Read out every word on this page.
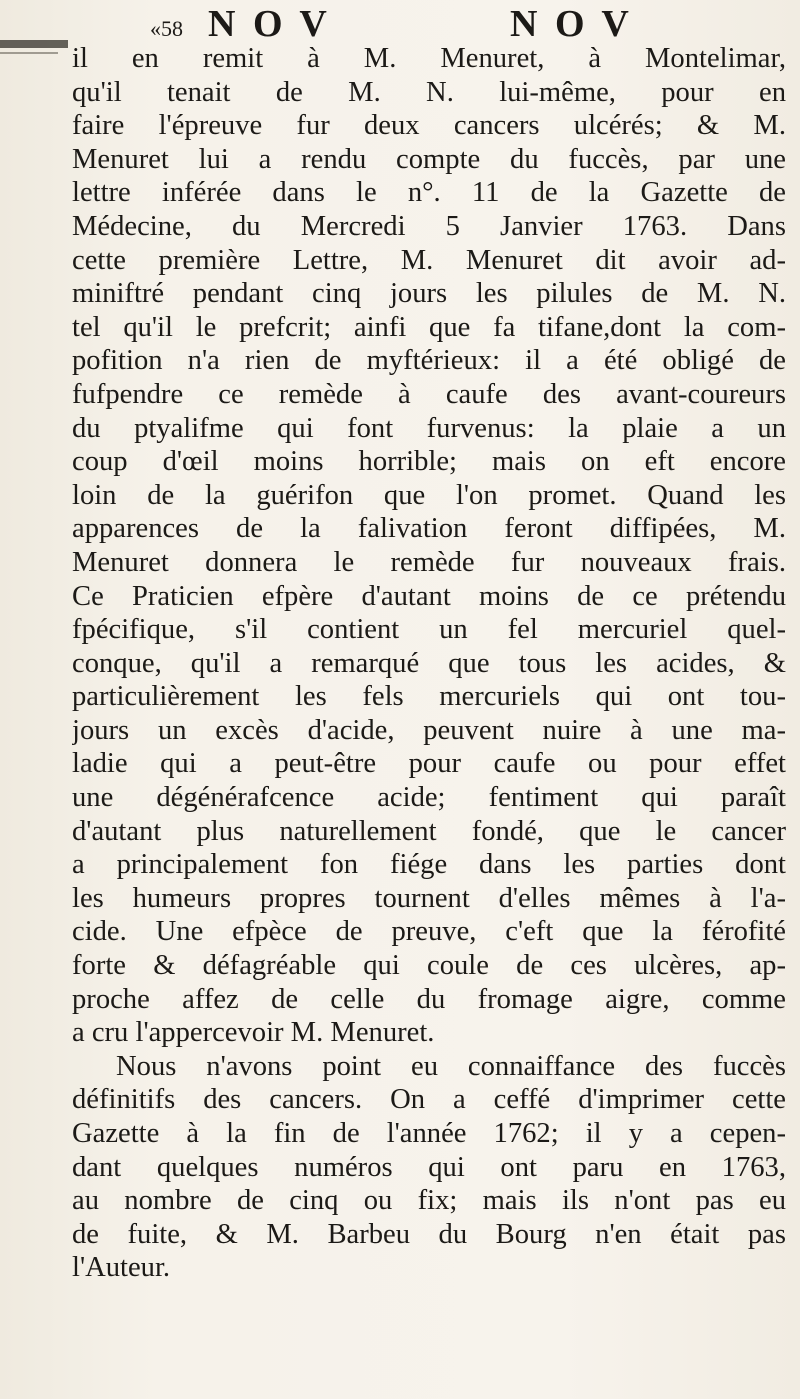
«58 N O V	N O V
il en remit à M. Menuret, à Montelimar,
qu'il tenait de M. N. lui-même, pour en
faire l'épreuve fur deux cancers ulcérés; & M.
Menuret lui a rendu compte du fuccès, par une
lettre inférée dans le n°. 11 de la Gazette de
Médecine, du Mercredi 5 Janvier 1763. Dans
cette première Lettre, M. Menuret dit avoir ad-
miniftré pendant cinq jours les pilules de M. N.
tel qu'il le prefcrit; ainfi que fa tifane,dont la com-
pofition n'a rien de myftérieux: il a été obligé de
fufpendre ce remède à caufe des avant-coureurs
du ptyalifme qui font furvenus: la plaie a un
coup d'œil moins horrible; mais on eft encore
loin de la guérifon que l'on promet. Quand les
apparences de la falivation feront diffipées, M.
Menuret donnera le remède fur nouveaux frais.
Ce Praticien efpère d'autant moins de ce prétendu
fpécifique, s'il contient un fel mercuriel quel-
conque, qu'il a remarqué que tous les acides, &
particulièrement les fels mercuriels qui ont tou-
jours un excès d'acide, peuvent nuire à une ma-
ladie qui a peut-être pour caufe ou pour effet
une dégénérafcence acide; fentiment qui paraît
d'autant plus naturellement fondé, que le cancer
a principalement fon fiége dans les parties dont
les humeurs propres tournent d'elles mêmes à l'a-
cide. Une efpèce de preuve, c'eft que la férofité
forte & défagréable qui coule de ces ulcères, ap-
proche affez de celle du fromage aigre, comme
a cru l'appercevoir M. Menuret.
Nous n'avons point eu connaiffance des fuccès
définitifs des cancers. On a ceffé d'imprimer cette
Gazette à la fin de l'année 1762; il y a cepen-
dant quelques numéros qui ont paru en 1763,
au nombre de cinq ou fix; mais ils n'ont pas eu
de fuite, & M. Barbeu du Bourg n'en était pas
l'Auteur.
